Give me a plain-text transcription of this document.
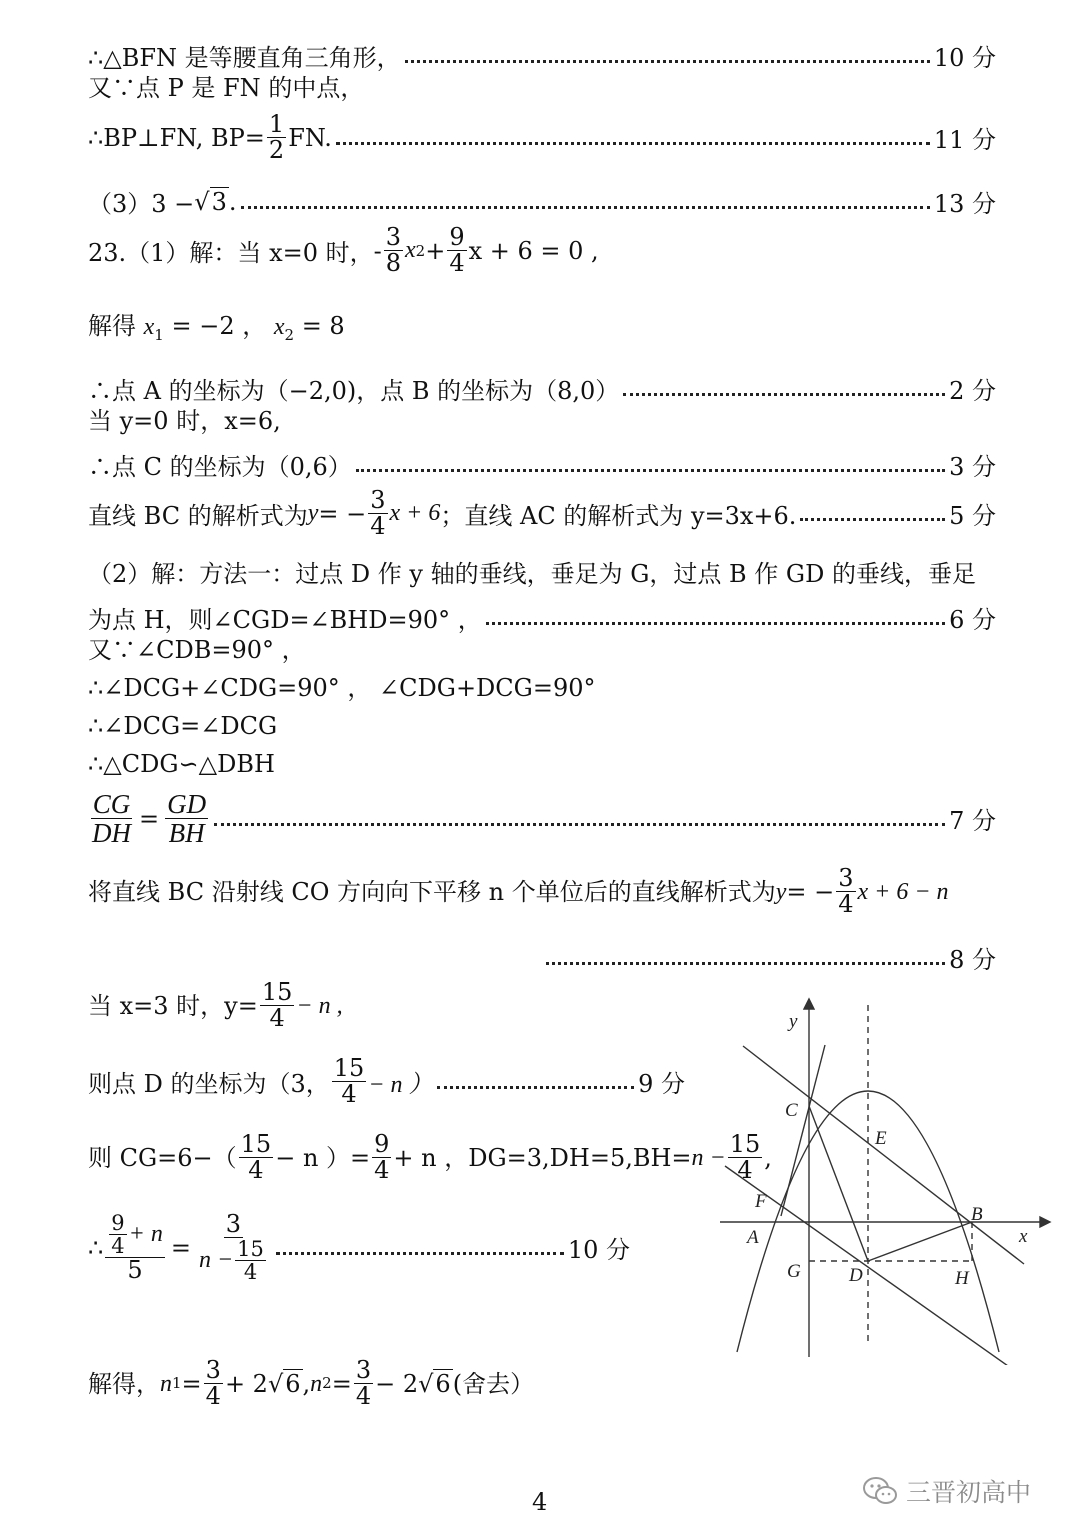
∴△BFN 是等腰直角三角形，	10 分
又∵点 P 是 FN 的中点，
∴BP⊥FN, $BP= \frac{1}{2}$ FN.	11 分
（3）3 − √3 .	13 分
23.（1）解：当 x=0 时， - $\frac{3}{8}$ x $2 + \frac{9}{4}$ x + 6 = 0 ,
解得 $x_1 = -2$ ， $x_2 = 8$
∴点 A 的坐标为（−2,0)，点 B 的坐标为（8,0）	2 分
当 y=0 时，x=6,
∴点 C 的坐标为（0,6）	3 分
直线 BC 的解析式为 y = − $\frac{3}{4}$ x + 6 ；直线 AC 的解析式为 y=3x+6.	5 分
（2）解：方法一：过点 D 作 y 轴的垂线，垂足为 G，过点 B 作 GD 的垂线，垂足
为点 H，则∠CGD=∠BHD=90° ，	6 分
又∵∠CDB=90° ，
∴∠DCG+∠CDG=90° ， ∠CDG+DCG=90°
∴∠DCG=∠DCG
∴△CDG∽△DBH
$\frac{CG}{DH} = \frac{GD}{BH}$	7 分
将直线 BC 沿射线 CO 方向向下平移 n 个单位后的直线解析式为 y = − $\frac{3}{4}$ x + 6 − n
8 分
当 x=3 时，$y= \frac{15}{4} - n$ ,
则点 D 的坐标为（3， $\frac{15}{4} - n$ ）	9 分
则 $CG=6-( \frac{15}{4} - n$ ）= $\frac{9}{4} + n$ ，$DG=3,DH=5,BH= n - \frac{15}{4}$ ,
∴ $\frac{\frac{9}{4} + n}{5} = \frac{3}{n - \frac{15}{4}}$	10 分
解得， n $1 = \frac{3}{4} + 2$ √6 , n $2 = \frac{3}{4} - 2$ √6 (舍去）
y
x
C
E
F
A
B
G	D	H
4	三晋初高中
